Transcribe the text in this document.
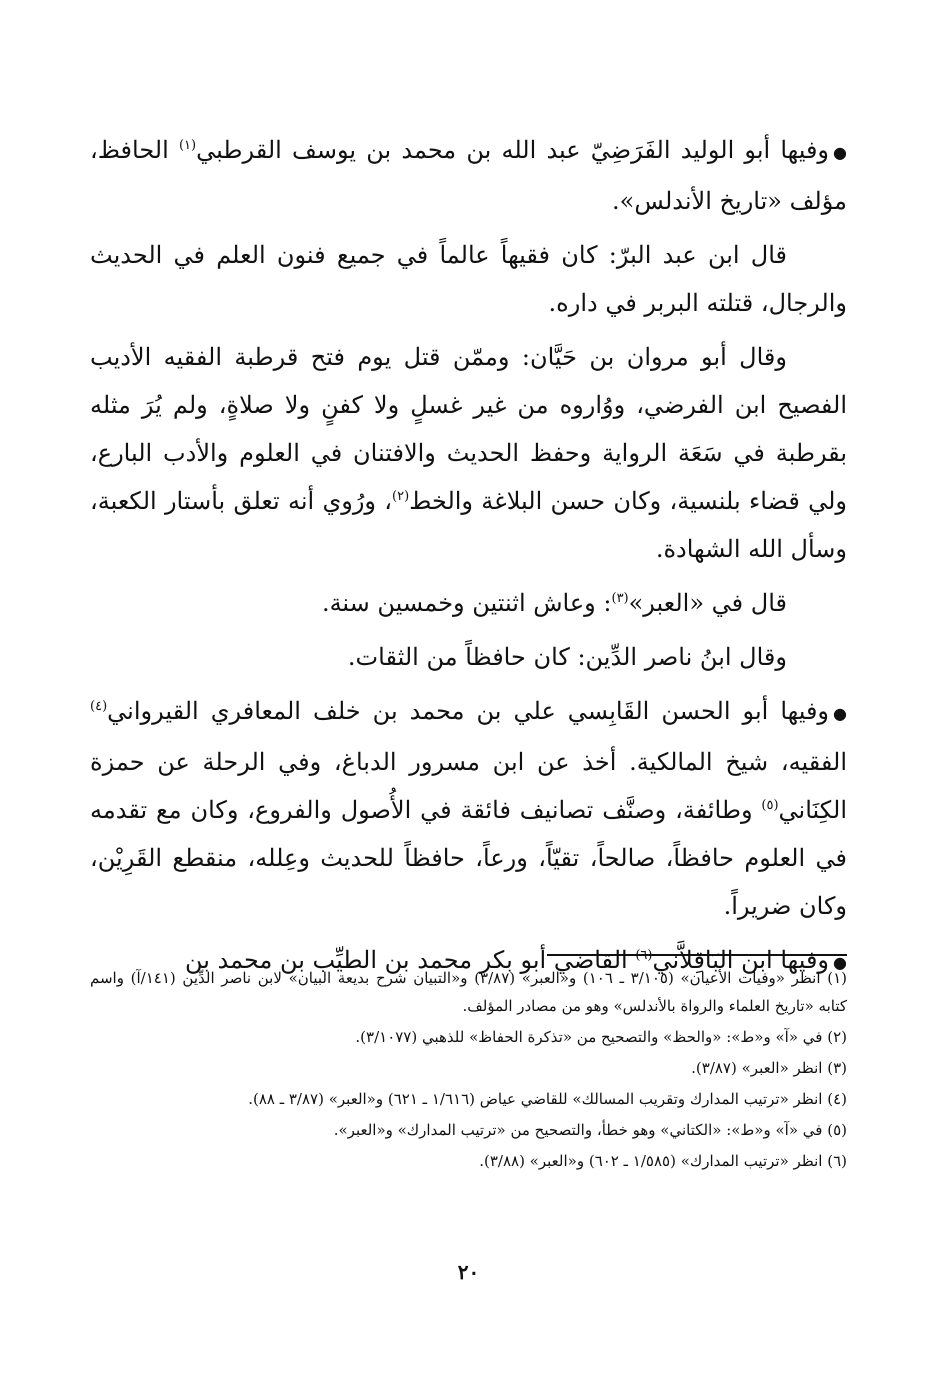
●وفيها أبو الوليد الفَرَضِيّ عبد الله بن محمد بن يوسف القرطبي$^{(١)}$ الحافظ، مؤلف «تاريخ الأندلس».

قال ابن عبد البرّ: كان فقيهاً عالماً في جميع فنون العلم في الحديث والرجال، قتلته البربر في داره.

وقال أبو مروان بن حَيَّان: وممّن قتل يوم فتح قرطبة الفقيه الأديب الفصيح ابن الفرضي، ووُاروه من غير غسلٍ ولا كفنٍ ولا صلاةٍ، ولم يُرَ مثله بقرطبة في سَعَة الرواية وحفظ الحديث والافتنان في العلوم والأدب البارع، ولي قضاء بلنسية، وكان حسن البلاغة والخط$^{(٢)}$، ورُوي أنه تعلق بأستار الكعبة، وسأل الله الشهادة.

قال في «العبر»$^{(٣)}$: وعاش اثنتين وخمسين سنة.

وقال ابنُ ناصر الدِّين: كان حافظاً من الثقات.

●وفيها أبو الحسن القَابِسي علي بن محمد بن خلف المعافري القيرواني$^{(٤)}$ الفقيه، شيخ المالكية. أخذ عن ابن مسرور الدباغ، وفي الرحلة عن حمزة الكِنَاني$^{(٥)}$ وطائفة، وصنَّف تصانيف فائقة في الأُصول والفروع، وكان مع تقدمه في العلوم حافظاً، صالحاً، تقيّاً، ورعاً، حافظاً للحديث وعِلله، منقطع القَرِيْن، وكان ضريراً.

●وفيها ابن البَاقِلاَّني$^{(٦)}$ القاضي أبو بكر محمد بن الطيِّب بن محمد بن

(١) انظر «وفيات الأعيان» (٣/١٠٥ ـ ١٠٦) و«العبر» (٣/٨٧) و«التبيان شرح بديعة البيان» لابن ناصر الدِّين (١٤١/آ) واسم كتابه «تاريخ العلماء والرواة بالأندلس» وهو من مصادر المؤلف.
(٢) في «آ» و«ط»: «والحظ» والتصحيح من «تذكرة الحفاظ» للذهبي (٣/١٠٧٧).
(٣) انظر «العبر» (٣/٨٧).
(٤) انظر «ترتيب المدارك وتقريب المسالك» للقاضي عياض (١/٦١٦ ـ ٦٢١) و«العبر» (٣/٨٧ ـ ٨٨).
(٥) في «آ» و«ط»: «الكتاني» وهو خطأ، والتصحيح من «ترتيب المدارك» و«العبر».
(٦) انظر «ترتيب المدارك» (١/٥٨٥ ـ ٦٠٢) و«العبر» (٣/٨٨).
٢٠
